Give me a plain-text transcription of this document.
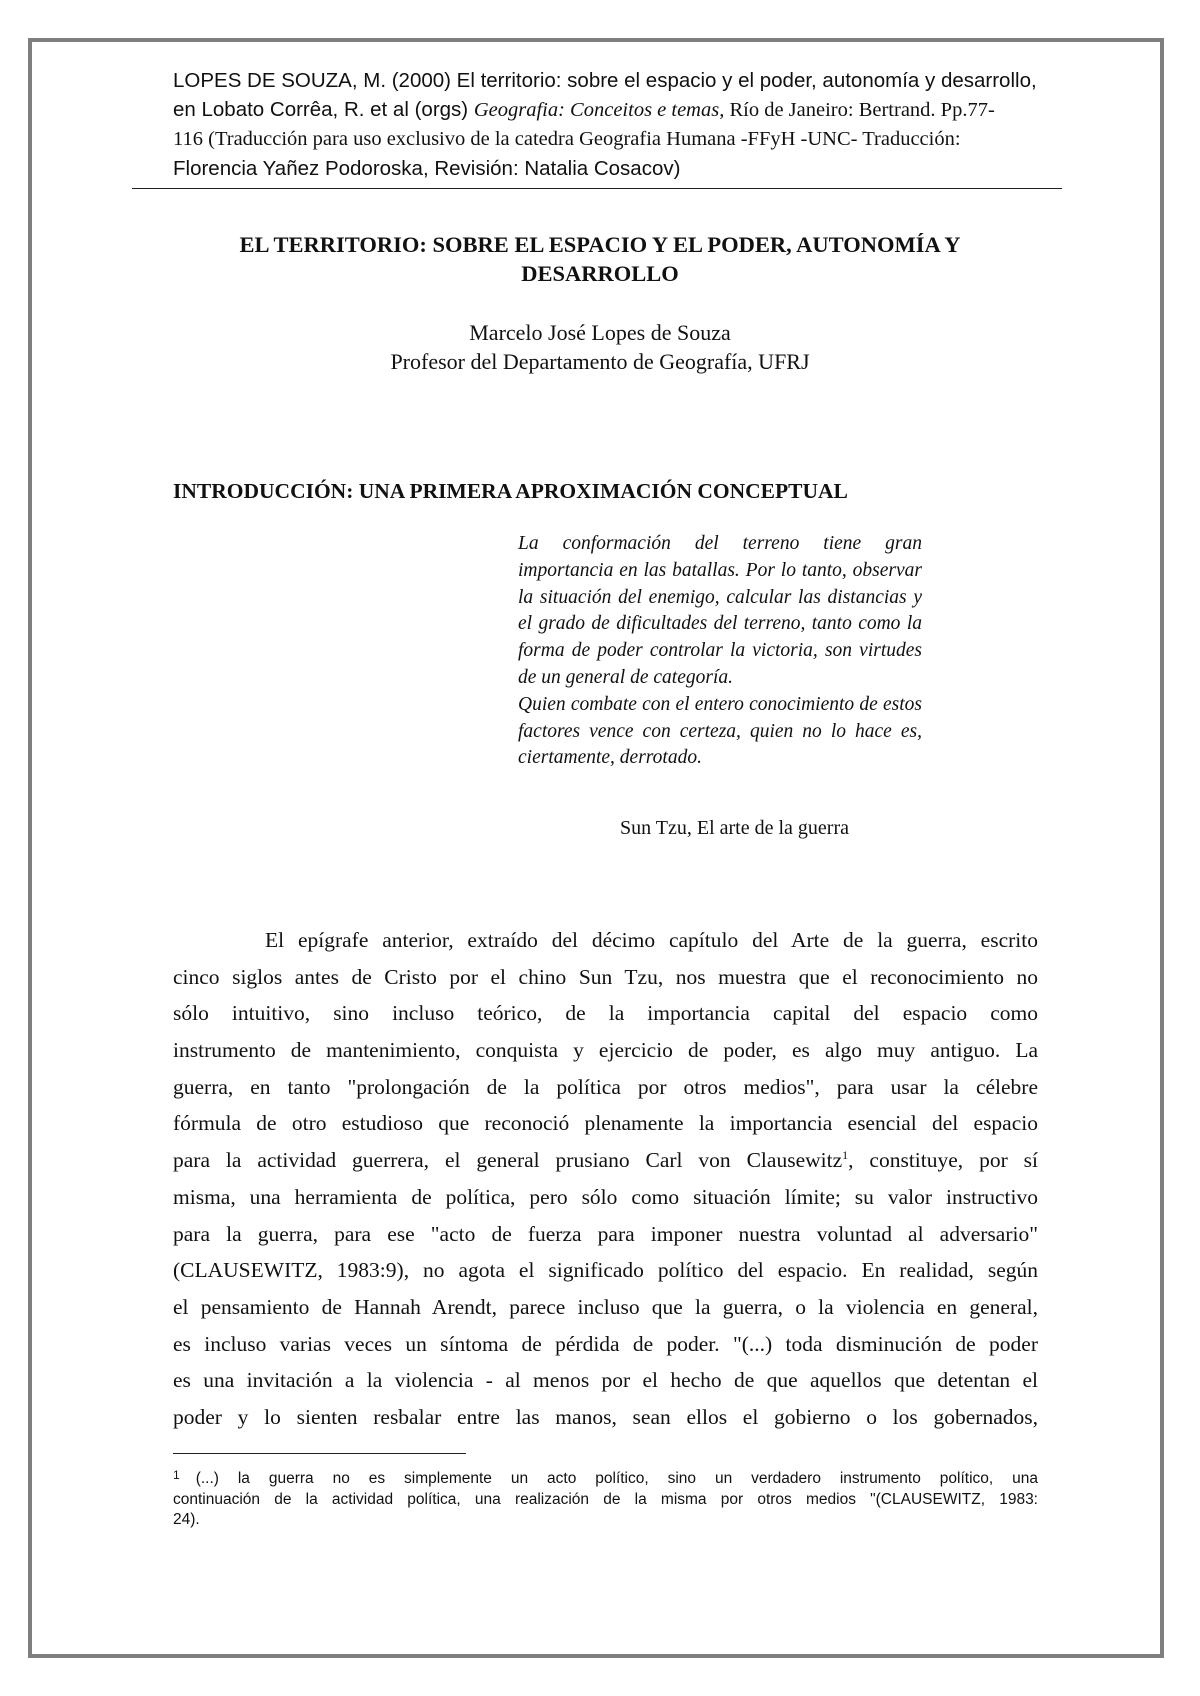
LOPES DE SOUZA, M. (2000) El territorio: sobre el espacio y el poder, autonomía y desarrollo,
en Lobato Corrêa, R. et al (orgs) Geografia: Conceitos e temas, Río de Janeiro: Bertrand. Pp.77-
116 (Traducción para uso exclusivo de la catedra Geografia Humana -FFyH -UNC- Traducción:
Florencia Yañez Podoroska, Revisión: Natalia Cosacov)
EL TERRITORIO: SOBRE EL ESPACIO Y EL PODER, AUTONOMÍA Y
DESARROLLO
Marcelo José Lopes de Souza
Profesor del Departamento de Geografía, UFRJ
INTRODUCCIÓN: UNA PRIMERA APROXIMACIÓN CONCEPTUAL

La conformación del terreno tiene gran importancia en las batallas. Por lo tanto, observar la situación del enemigo, calcular las distancias y el grado de dificultades del terreno, tanto como la forma de poder controlar la victoria, son virtudes de un general de categoría.

Quien combate con el entero conocimiento de estos factores vence con certeza, quien no lo hace es, ciertamente, derrotado.

Sun Tzu, El arte de la guerra
El epígrafe anterior, extraído del décimo capítulo del Arte de la guerra, escrito
cinco siglos antes de Cristo por el chino Sun Tzu, nos muestra que el reconocimiento no
sólo intuitivo, sino incluso teórico, de la importancia capital del espacio como
instrumento de mantenimiento, conquista y ejercicio de poder, es algo muy antiguo. La
guerra, en tanto "prolongación de la política por otros medios", para usar la célebre
fórmula de otro estudioso que reconoció plenamente la importancia esencial del espacio
para la actividad guerrera, el general prusiano Carl von Clausewitz$^1$, constituye, por sí
misma, una herramienta de política, pero sólo como situación límite; su valor instructivo
para la guerra, para ese "acto de fuerza para imponer nuestra voluntad al adversario"
(CLAUSEWITZ, 1983:9), no agota el significado político del espacio. En realidad, según
el pensamiento de Hannah Arendt, parece incluso que la guerra, o la violencia en general,
es incluso varias veces un síntoma de pérdida de poder. "(...) toda disminución de poder
es una invitación a la violencia - al menos por el hecho de que aquellos que detentan el
poder y lo sienten resbalar entre las manos, sean ellos el gobierno o los gobernados,
$^1$ (...) la guerra no es simplemente un acto político, sino un verdadero instrumento político, una
continuación de la actividad política, una realización de la misma por otros medios "(CLAUSEWITZ, 1983:
24).
